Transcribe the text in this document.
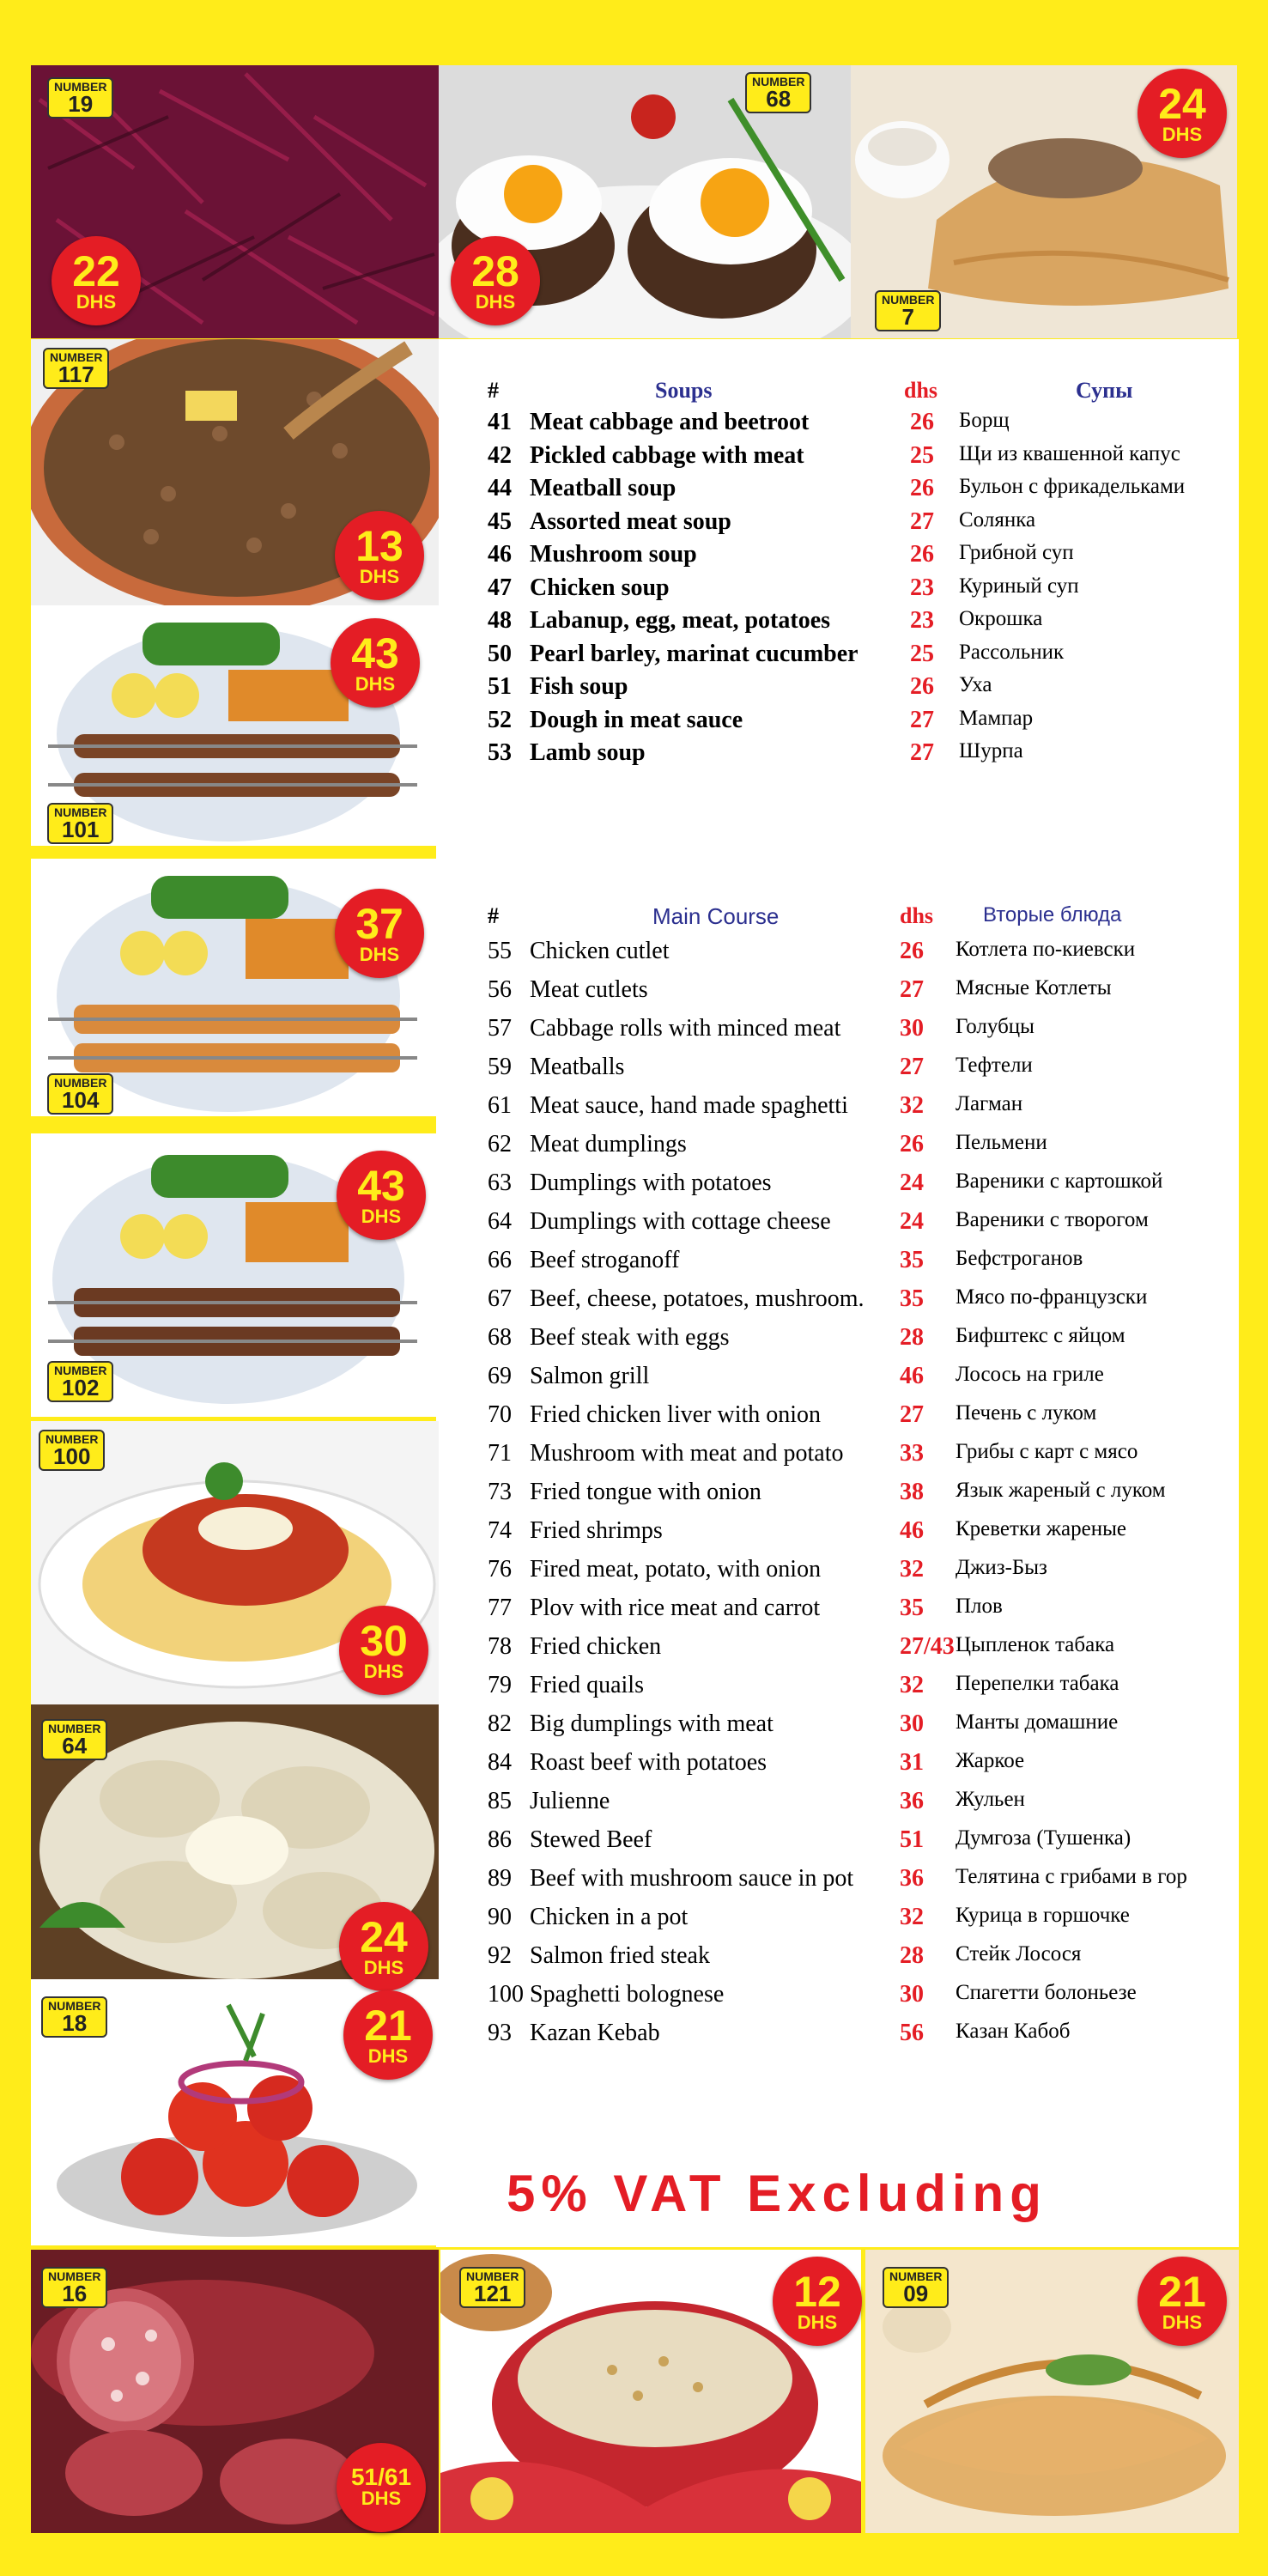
NUMBER
19
NUMBER
68
NUMBER
7
NUMBER
117
NUMBER
101
NUMBER
104
NUMBER
102
NUMBER
100
NUMBER
64
NUMBER
18
NUMBER
16
NUMBER
121
NUMBER
09
22
DHS
28
DHS
24
DHS
13
DHS
43
DHS
37
DHS
43
DHS
30
DHS
24
DHS
21
DHS
51/61
DHS
12
DHS
21
DHS
#	Soups	dhs	Супы
41 Meat cabbage and beetroot	26 Борщ
42 Pickled cabbage with meat	25 Щи из квашенной капус
44 Meatball soup	26 Бульон с фрикадельками
45 Assorted meat soup	27 Солянка
46 Mushroom soup	26 Грибной суп
47 Chicken soup	23 Куриный суп
48 Labanup, egg, meat, potatoes	23 Окрошка
50 Pearl barley, marinat cucumber 25 Рассольник
51 Fish soup	26 Уха
52 Dough in meat sauce	27 Мампар
53 Lamb soup	27 Шурпа
#	Main Course	dhs Вторые блюда
55 Chicken cutlet	26 Котлета по-киевски
56 Meat cutlets	27 Мясные Котлеты
57 Cabbage rolls with minced meat 30 Голубцы
59 Meatballs	27 Тефтели
61 Meat sauce, hand made spaghetti 32 Лагман
62 Meat dumplings	26 Пельмени
63 Dumplings with potatoes	24 Вареники с картошкой
64 Dumplings with cottage cheese	24 Вареники с творогом
66 Beef stroganoff	35 Бефстроганов
67 Beef, cheese, potatoes, mushroom. 35 Мясо по-французски
68 Beef steak with eggs	28 Бифштекс с яйцом
69 Salmon grill	46 Лосось на гриле
70 Fried chicken liver with onion	27 Печень с луком
71 Mushroom with meat and potato 33 Грибы с карт с мясо
73 Fried tongue with onion	38 Язык жареный с луком
74 Fried shrimps	46 Креветки жареные
76 Fired meat, potato, with onion	32 Джиз-Быз
77 Plov with rice meat and carrot	35 Плов
78 Fried chicken	27/43 Цыпленок табака
79 Fried quails	32 Перепелки табака
82 Big dumplings with meat	30 Манты домашние
84 Roast beef with potatoes	31 Жаркое
85 Julienne	36 Жульен
86 Stewed Beef	51 Думгоза (Тушенка)
89 Beef with mushroom sauce in pot 36 Телятина с грибами в гор
90 Chicken in a pot	32 Курица в горшочке
92 Salmon fried steak	28 Стейк Лосося
100 Spaghetti bolognese	30 Спагетти болоньезе
93 Kazan Kebab	56 Казан Кабоб
5% VAT Excluding
